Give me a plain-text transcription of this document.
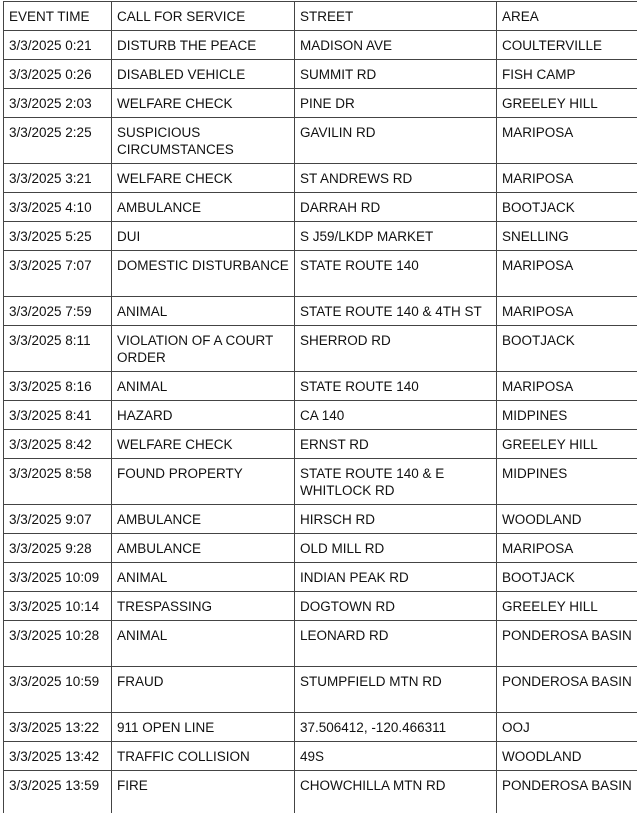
EVENT TIME	CALL FOR SERVICE	STREET	AREA
3/3/2025 0:21	DISTURB THE PEACE	MADISON AVE	COULTERVILLE
3/3/2025 0:26	DISABLED VEHICLE	SUMMIT RD	FISH CAMP
3/3/2025 2:03	WELFARE CHECK	PINE DR	GREELEY HILL
3/3/2025 2:25	SUSPICIOUS CIRCUMSTANCES	GAVILIN RD	MARIPOSA
3/3/2025 3:21	WELFARE CHECK	ST ANDREWS RD	MARIPOSA
3/3/2025 4:10	AMBULANCE	DARRAH RD	BOOTJACK
3/3/2025 5:25	DUI	S J59/LKDP MARKET	SNELLING
3/3/2025 7:07	DOMESTIC DISTURBANCE	STATE ROUTE 140	MARIPOSA
3/3/2025 7:59	ANIMAL	STATE ROUTE 140 & 4TH ST	MARIPOSA
3/3/2025 8:11	VIOLATION OF A COURT ORDER	SHERROD RD	BOOTJACK
3/3/2025 8:16	ANIMAL	STATE ROUTE 140	MARIPOSA
3/3/2025 8:41	HAZARD	CA 140	MIDPINES
3/3/2025 8:42	WELFARE CHECK	ERNST RD	GREELEY HILL
3/3/2025 8:58	FOUND PROPERTY	STATE ROUTE 140 & E WHITLOCK RD	MIDPINES
3/3/2025 9:07	AMBULANCE	HIRSCH RD	WOODLAND
3/3/2025 9:28	AMBULANCE	OLD MILL RD	MARIPOSA
3/3/2025 10:09	ANIMAL	INDIAN PEAK RD	BOOTJACK
3/3/2025 10:14	TRESPASSING	DOGTOWN RD	GREELEY HILL
3/3/2025 10:28	ANIMAL	LEONARD RD	PONDEROSA BASIN
3/3/2025 10:59	FRAUD	STUMPFIELD MTN RD	PONDEROSA BASIN
3/3/2025 13:22	911 OPEN LINE	37.506412, -120.466311	OOJ
3/3/2025 13:42	TRAFFIC COLLISION	49S	WOODLAND
3/3/2025 13:59	FIRE	CHOWCHILLA MTN RD	PONDEROSA BASIN
